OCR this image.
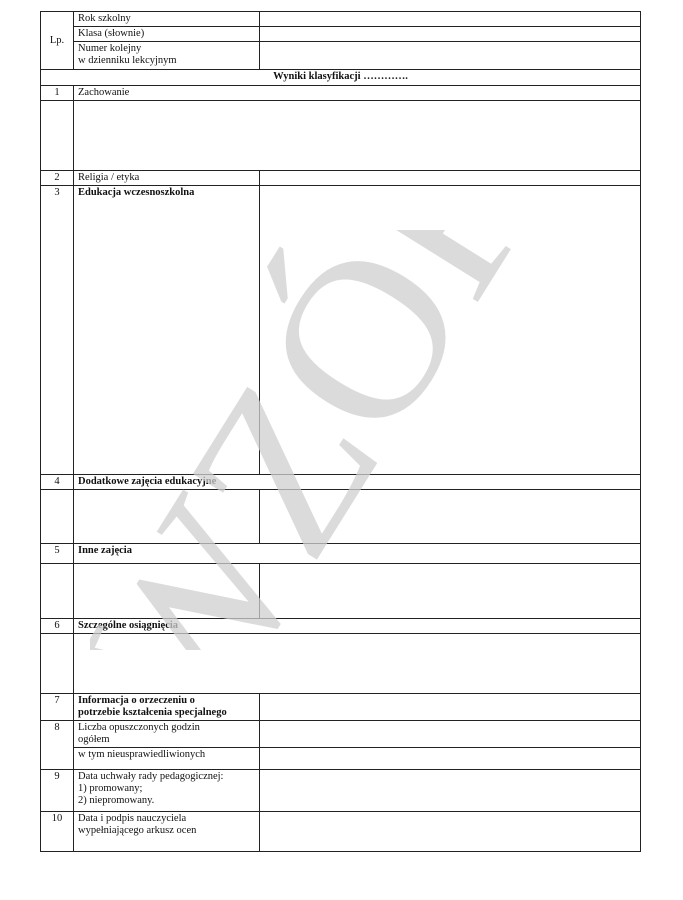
Lp.	Rok szkolny	
	Klasa (słownie)	

	Numer kolejny
w dzienniku lekcyjnym	

Wyniki klasyfikacji ………….		
1	Zachowanie	

2	Religia / etyka	
3	Edukacja wczesnoszkolna	
4	Dodatkowe zajęcia edukacyjne	

5	Inne zajęcia	

6	Szczególne osiągnięcia	

7	Informacja o orzeczeniu o
potrzebie kształcenia specjalnego	

8	Liczba opuszczonych godzin
ogółem	

	w tym nieusprawiedliwionych	
9	Data uchwały rady pedagogicznej:
1) promowany;
2) niepromowany.	

10	Data i podpis nauczyciela
wypełniającego arkusz ocen	

WZÓR
